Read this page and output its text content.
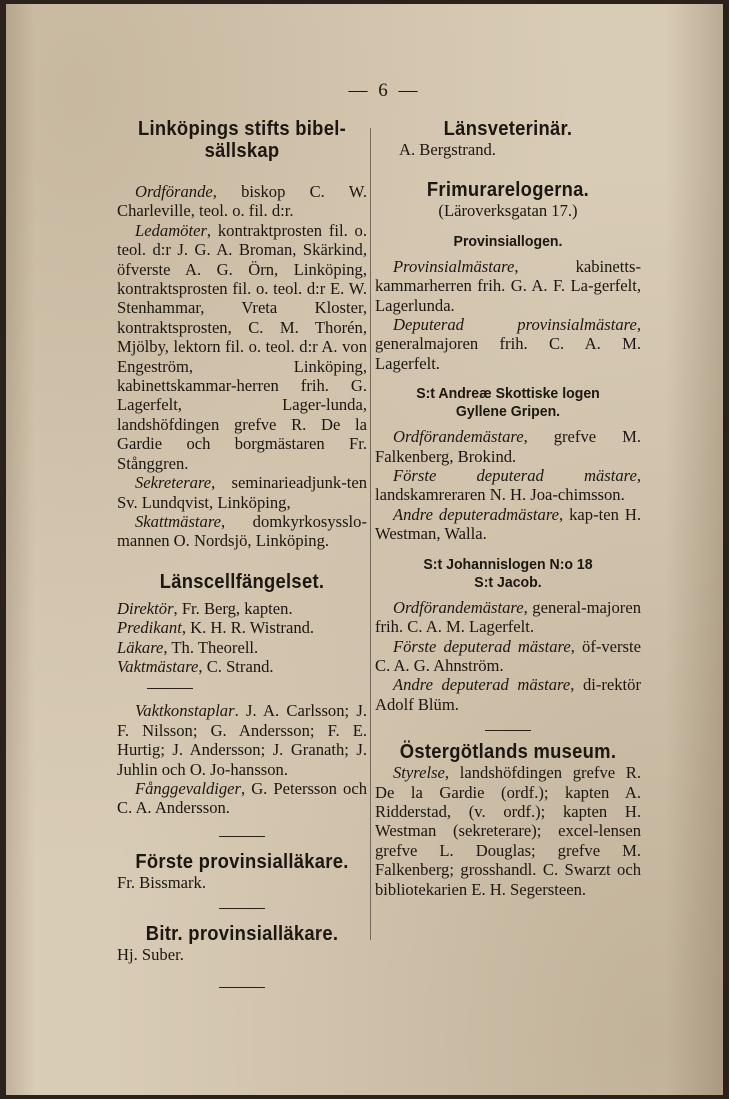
— 6 —
Linköpings stifts bibel-sällskap

Ordförande, biskop C. W. Charleville, teol. o. fil. d:r.

Ledamöter, kontraktprosten fil. o. teol. d:r J. G. A. Broman, Skärkind, öfverste A. G. Örn, Linköping, kontraktsprosten fil. o. teol. d:r E. W. Stenhammar, Vreta Kloster, kontraktsprosten, C. M. Thorén, Mjölby, lektorn fil. o. teol. d:r A. von Engeström, Linköping, kabinettskammar-herren frih. G. Lagerfelt, Lager-lunda, landshöfdingen grefve R. De la Gardie och borgmästaren Fr. Stånggren.

Sekreterare, seminarieadjunk-ten Sv. Lundqvist, Linköping,

Skattmästare, domkyrkosysslo-mannen O. Nordsjö, Linköping.

Länscellfängelset.

Direktör, Fr. Berg, kapten.

Predikant, K. H. R. Wistrand.

Läkare, Th. Theorell.

Vaktmästare, C. Strand.

Vaktkonstaplar. J. A. Carlsson; J. F. Nilsson; G. Andersson; F. E. Hurtig; J. Andersson; J. Granath; J. Juhlin och O. Jo-hansson.

Fånggevaldiger, G. Petersson och C. A. Andersson.

Förste provinsialläkare.

Fr. Bissmark.

Bitr. provinsialläkare.

Hj. Suber.

Länsveterinär.

A. Bergstrand.

Frimurarelogerna.

(Läroverksgatan 17.)

Provinsiallogen.

Provinsialmästare, kabinetts-kammarherren frih. G. A. F. La-gerfelt, Lagerlunda.

Deputerad provinsialmästare, generalmajoren frih. C. A. M. Lagerfelt.

S:t Andreæ Skottiske logen
Gyllene Gripen.

Ordförandemästare, grefve M. Falkenberg, Brokind.

Förste deputerad mästare, landskamreraren N. H. Joa-chimsson.

Andre deputeradmästare, kap-ten H. Westman, Walla.

S:t Johannislogen N:o 18
S:t Jacob.

Ordförandemästare, general-majoren frih. C. A. M. Lagerfelt.

Förste deputerad mästare, öf-verste C. A. G. Ahnström.

Andre deputerad mästare, di-rektör Adolf Blüm.

Östergötlands museum.

Styrelse, landshöfdingen grefve R. De la Gardie (ordf.); kapten A. Ridderstad, (v. ordf.); kapten H. Westman (sekreterare); excel-lensen grefve L. Douglas; grefve M. Falkenberg; grosshandl. C. Swarzt och bibliotekarien E. H. Segersteen.
